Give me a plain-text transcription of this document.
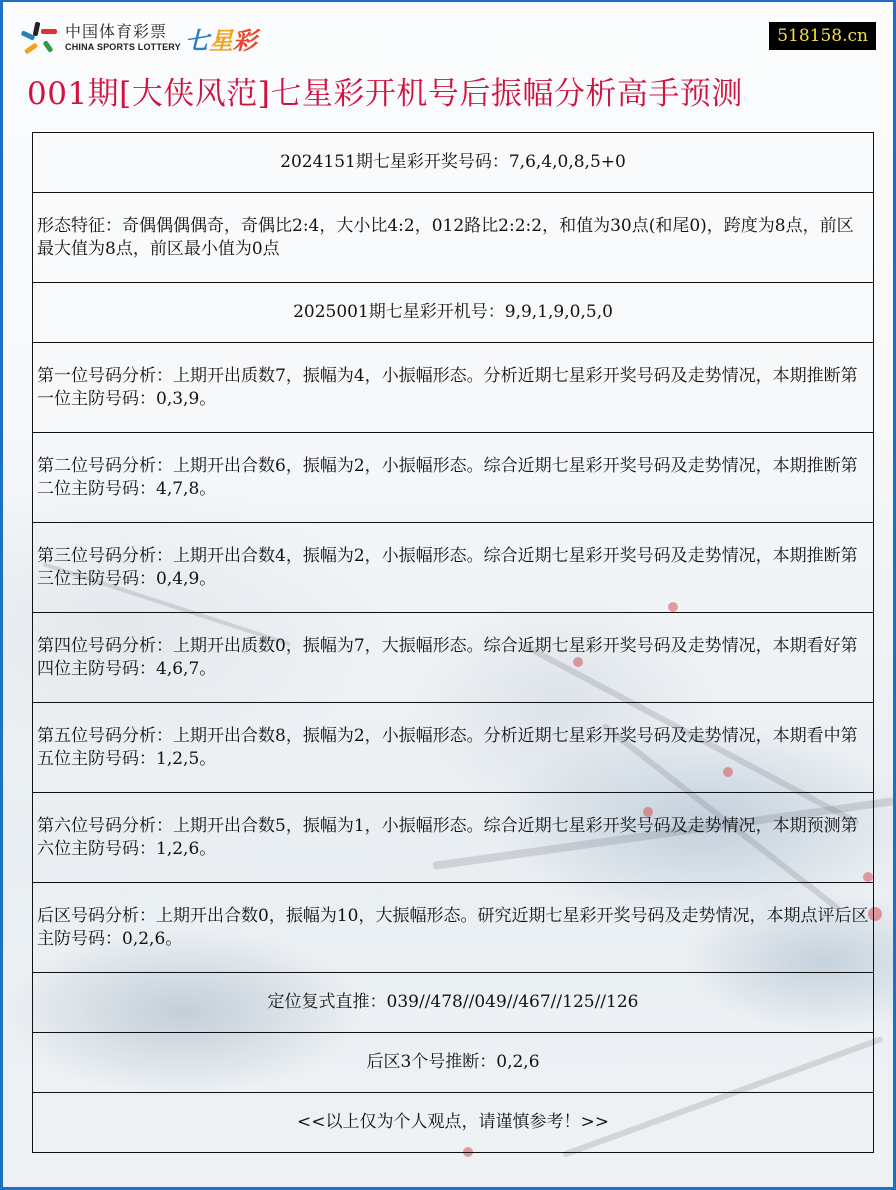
中国体育彩票
CHINA SPORTS LOTTERY 七星彩	518158.cn
001期[大侠风范]七星彩开机号后振幅分析高手预测
2024151期七星彩开奖号码：7,6,4,0,8,5+0
形态特征：奇偶偶偶偶奇，奇偶比2:4，大小比4:2，012路比2:2:2，和值为30点(和尾0)，跨度为8点，前区最大值为8点，前区最小值为0点
2025001期七星彩开机号：9,9,1,9,0,5,0
第一位号码分析：上期开出质数7，振幅为4，小振幅形态。分析近期七星彩开奖号码及走势情况，本期推断第一位主防号码：0,3,9。
第二位号码分析：上期开出合数6，振幅为2，小振幅形态。综合近期七星彩开奖号码及走势情况，本期推断第二位主防号码：4,7,8。
第三位号码分析：上期开出合数4，振幅为2，小振幅形态。综合近期七星彩开奖号码及走势情况，本期推断第三位主防号码：0,4,9。
第四位号码分析：上期开出质数0，振幅为7，大振幅形态。综合近期七星彩开奖号码及走势情况，本期看好第四位主防号码：4,6,7。
第五位号码分析：上期开出合数8，振幅为2，小振幅形态。分析近期七星彩开奖号码及走势情况，本期看中第五位主防号码：1,2,5。
第六位号码分析：上期开出合数5，振幅为1，小振幅形态。综合近期七星彩开奖号码及走势情况，本期预测第六位主防号码：1,2,6。
后区号码分析：上期开出合数0，振幅为10，大振幅形态。研究近期七星彩开奖号码及走势情况，本期点评后区主防号码：0,2,6。
定位复式直推：039//478//049//467//125//126
后区3个号推断：0,2,6
<<以上仅为个人观点，请谨慎参考！>>
